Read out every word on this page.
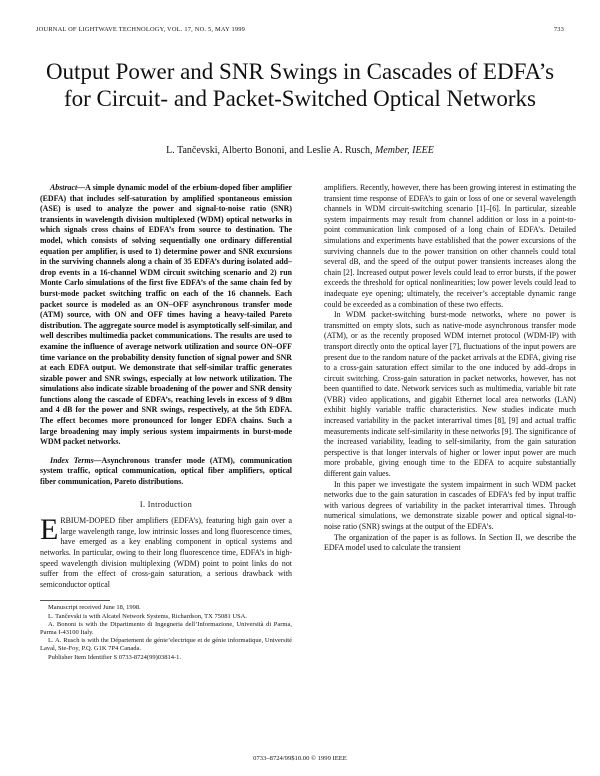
JOURNAL OF LIGHTWAVE TECHNOLOGY, VOL. 17, NO. 5, MAY 1999	733
Output Power and SNR Swings in Cascades of EDFA’s for Circuit- and Packet-Switched Optical Networks
L. Tančevski, Alberto Bononi, and Leslie A. Rusch, Member, IEEE

Abstract—A simple dynamic model of the erbium-doped fiber amplifier (EDFA) that includes self-saturation by amplified spontaneous emission (ASE) is used to analyze the power and signal-to-noise ratio (SNR) transients in wavelength division multiplexed (WDM) optical networks in which signals cross chains of EDFA’s from source to destination. The model, which consists of solving sequentially one ordinary differential equation per amplifier, is used to 1) determine power and SNR excursions in the surviving channels along a chain of 35 EDFA’s during isolated add–drop events in a 16-channel WDM circuit switching scenario and 2) run Monte Carlo simulations of the first five EDFA’s of the same chain fed by burst-mode packet switching traffic on each of the 16 channels. Each packet source is modeled as an ON–OFF asynchronous transfer mode (ATM) source, with ON and OFF times having a heavy-tailed Pareto distribution. The aggregate source model is asymptotically self-similar, and well describes multimedia packet communications. The results are used to examine the influence of average network utilization and source ON–OFF time variance on the probability density function of signal power and SNR at each EDFA output. We demonstrate that self-similar traffic generates sizable power and SNR swings, especially at low network utilization. The simulations also indicate sizable broadening of the power and SNR density functions along the cascade of EDFA’s, reaching levels in excess of 9 dBm and 4 dB for the power and SNR swings, respectively, at the 5th EDFA. The effect becomes more pronounced for longer EDFA chains. Such a large broadening may imply serious system impairments in burst-mode WDM packet networks.

Index Terms—Asynchronous transfer mode (ATM), communication system traffic, optical communication, optical fiber amplifiers, optical fiber communication, Pareto distributions.

I. Introduction

ERBIUM-DOPED fiber amplifiers (EDFA’s), featuring high gain over a large wavelength range, low intrinsic losses and long fluorescence times, have emerged as a key enabling component in optical systems and networks. In particular, owing to their long fluorescence time, EDFA’s in high-speed wavelength division multiplexing (WDM) point to point links do not suffer from the effect of cross-gain saturation, a serious drawback with semiconductor optical

Manuscript received June 18, 1998.

L. Tančevski is with Alcatel Network Systems, Richardson, TX 75081 USA.

A. Bononi is with the Dipartimento di Ingegneria dell’Informazione, Università di Parma, Parma I-43100 Italy.

L. A. Rusch is with the Département de génie’electrique et de génie informatique, Université Laval, Ste-Foy, P.Q. G1K 7P4 Canada.

Publisher Item Identifier S 0733-8724(99)03814-1.

amplifiers. Recently, however, there has been growing interest in estimating the transient time response of EDFA’s to gain or loss of one or several wavelength channels in WDM circuit-switching scenario [1]–[6]. In particular, sizeable system impairments may result from channel addition or loss in a point-to-point communication link composed of a long chain of EDFA’s. Detailed simulations and experiments have established that the power excursions of the surviving channels due to the power transition on other channels could total several dB, and the speed of the output power transients increases along the chain [2]. Increased output power levels could lead to error bursts, if the power exceeds the threshold for optical nonlinearities; low power levels could lead to inadequate eye opening; ultimately, the receiver’s acceptable dynamic range could be exceeded as a combination of these two effects.

In WDM packet-switching burst-mode networks, where no power is transmitted on empty slots, such as native-mode asynchronous transfer mode (ATM), or as the recently proposed WDM internet protocol (WDM-IP) with transport directly onto the optical layer [7], fluctuations of the input powers are present due to the random nature of the packet arrivals at the EDFA, giving rise to a cross-gain saturation effect similar to the one induced by add–drops in circuit switching. Cross-gain saturation in packet networks, however, has not been quantified to date. Network services such as multimedia, variable bit rate (VBR) video applications, and gigabit Ethernet local area networks (LAN) exhibit highly variable traffic characteristics. New studies indicate much increased variability in the packet interarrival times [8], [9] and actual traffic measurements indicate self-similarity in these networks [9]. The significance of the increased variability, leading to self-similarity, from the gain saturation perspective is that longer intervals of higher or lower input power are much more probable, giving enough time to the EDFA to acquire substantially different gain values.

In this paper we investigate the system impairment in such WDM packet networks due to the gain saturation in cascades of EDFA’s fed by input traffic with various degrees of variability in the packet interarrival times. Through numerical simulations, we demonstrate sizable power and optical signal-to-noise ratio (SNR) swings at the output of the EDFA’s.

The organization of the paper is as follows. In Section II, we describe the EDFA model used to calculate the transient

0733–8724/99$10.00 © 1999 IEEE
